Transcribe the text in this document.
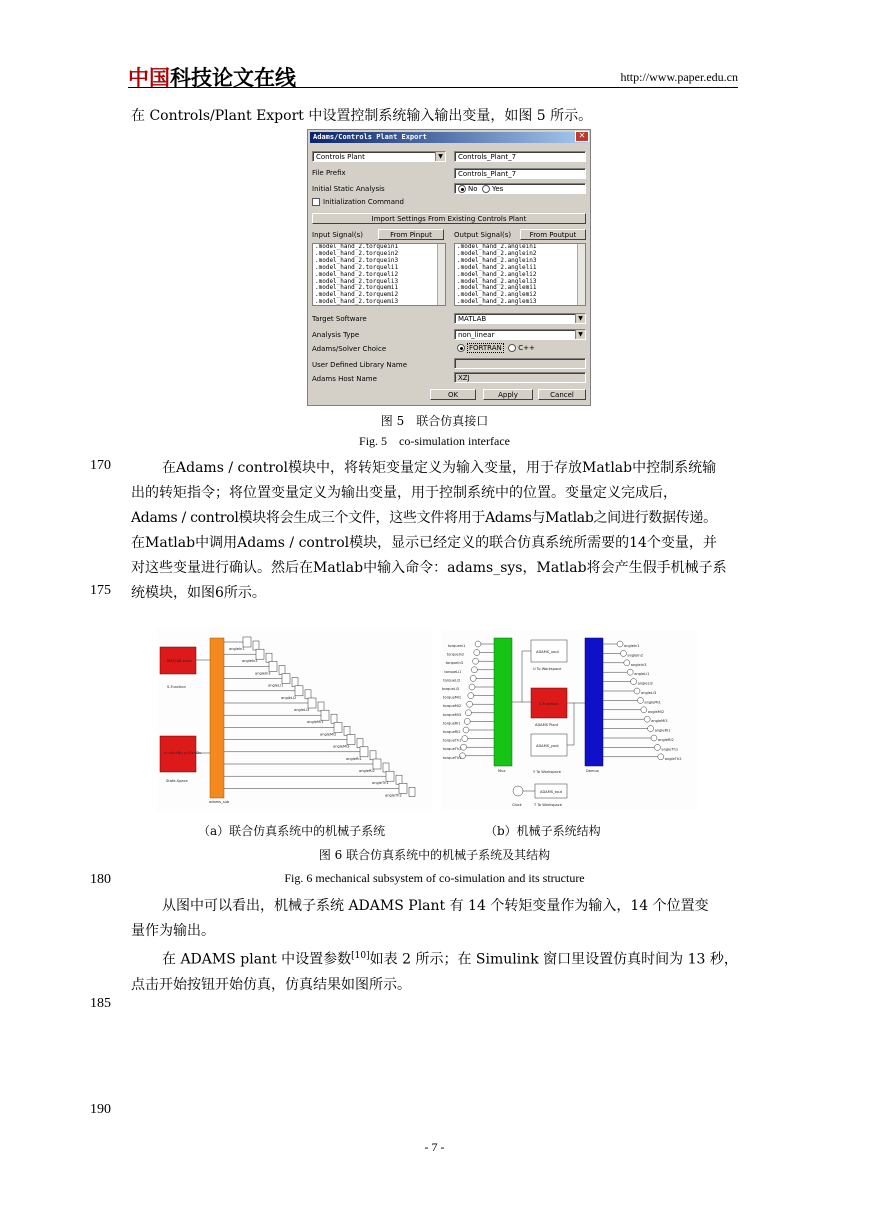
中国科技论文在线	http://www.paper.edu.cn
在 Controls/Plant Export 中设置控制系统输入输出变量，如图 5 所示。
Adams/Controls Plant Export	✕
Controls Plant	▼	Controls_Plant_7
File Prefix	Controls_Plant_7
Initial Static Analysis	No Yes
Initialization Command
Import Settings From Existing Controls Plant
Input Signal(s)	From Pinput	Output Signal(s)	From Poutput
.model_hand_2.torquein1
.model_hand_2.torquein2
.model_hand_2.torquein3
.model_hand_2.torqueli1
.model_hand_2.torqueli2
.model_hand_2.torqueli3
.model_hand_2.torquemi1
.model_hand_2.torquemi2
.model_hand_2.torquemi3
.model_hand_2.anglein1
.model_hand_2.anglein2
.model_hand_2.anglein3
.model_hand_2.angleli1
.model_hand_2.angleli2
.model_hand_2.angleli3
.model_hand_2.anglemi1
.model_hand_2.anglemi2
.model_hand_2.anglemi3
Target Software	MATLAB	▼
Analysis Type	non_linear	▼
Adams/Solver Choice	FORTRAN C++
User Defined Library Name
Adams Host Name	XZJ
OK	Apply	Cancel
图 5　联合仿真接口
Fig. 5　co-simulation interface
170	在Adams / control模块中，将转矩变量定义为输入变量，用于存放Matlab中控制系统输
出的转矩指令；将位置变量定义为输出变量，用于控制系统中的位置。变量定义完成后，
Adams / control模块将会生成三个文件，这些文件将用于Adams与Matlab之间进行数据传递。
在Matlab中调用Adams / control模块，显示已经定义的联合仿真系统所需要的14个变量，并
对这些变量进行确认。然后在Matlab中输入命令：adams_sys，Matlab将会产生假手机械子系
统模块，如图6所示。
175
MATLAB sfunc
S-Function
x'=Ax+Bu y=Cx+Du
State-Space
adams_sub
angleIn1
angleIn2
angleIn3
angleLi1
angleLi2
angleLi3
angleMi1
angleMi2
angleMi3
angleRi1
angleRi2
angleTh1
angleTh2
torqueIn1
torqueIn2
torqueIn3
torqueLi1
torqueLi2
torqueLi3
torqueMi1
torqueMi2
torqueMi3
torqueRi1
torqueRi2
torqueTh1
torqueTh2
torqueTh3
Mux
ADAMS_uout
U To Workspace
S-Function
ADAMS Plant
ADAMS_yout
Y To Workspace
ADAMS_tout
T To Workspace
Clock
Demux
angleIn1
angleIn2
angleIn3
angleLi1
angleLi2
angleLi3
angleMi1
angleMi2
angleMi3
angleRi1
angleRi2
angleTh1
angleTh2
（a）联合仿真系统中的机械子系统	（b）机械子系统结构
图 6 联合仿真系统中的机械子系统及其结构
180	Fig. 6 mechanical subsystem of co-simulation and its structure
从图中可以看出，机械子系统 ADAMS Plant 有 14 个转矩变量作为输入，14 个位置变
量作为输出。
在 ADAMS plant 中设置参数[10]如表 2 所示；在 Simulink 窗口里设置仿真时间为 13 秒，
点击开始按钮开始仿真，仿真结果如图所示。
185
190
- 7 -
